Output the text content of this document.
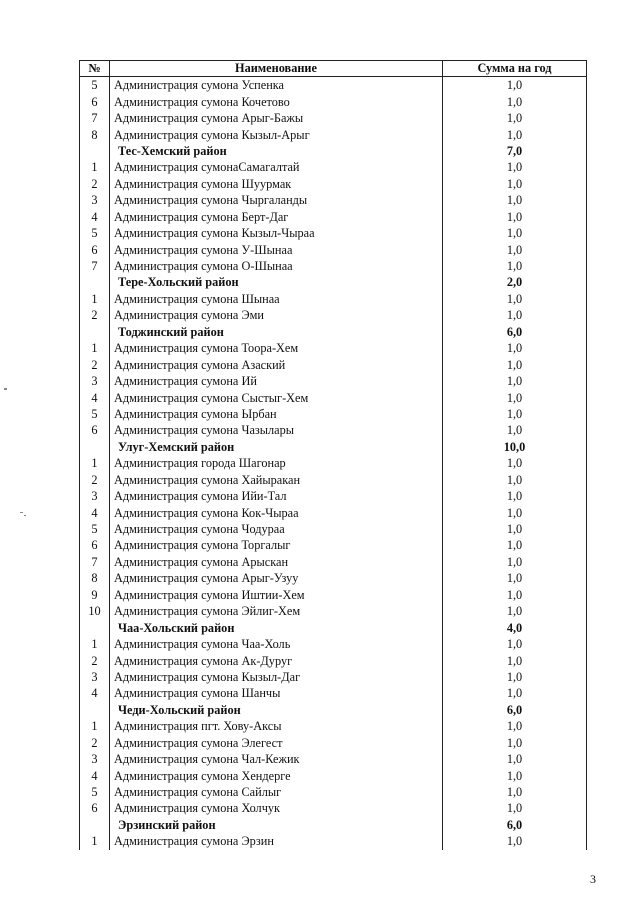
№	Наименование	Сумма на год
5	Администрация сумона Успенка	1,0
6	Администрация сумона Кочетово	1,0
7	Администрация сумона Арыг-Бажы	1,0
8	Администрация сумона Кызыл-Арыг	1,0
	Тес-Хемский район	7,0
1	Администрация сумонаСамагалтай	1,0
2	Администрация сумона Шуурмак	1,0
3	Администрация сумона Чыргаланды	1,0
4	Администрация сумона Берт-Даг	1,0
5	Администрация сумона Кызыл-Чыраа	1,0
6	Администрация сумона У-Шынаа	1,0
7	Администрация сумона О-Шынаа	1,0
	Тере-Хольский район	2,0
1	Администрация сумона Шынаа	1,0
2	Администрация сумона Эми	1,0
	Тоджинский район	6,0
1	Администрация сумона Тоора-Хем	1,0
2	Администрация сумона Азаский	1,0
3	Администрация сумона Ий	1,0
4	Администрация сумона Сыстыг-Хем	1,0
5	Администрация сумона Ырбан	1,0
6	Администрация сумона Чазылары	1,0
	Улуг-Хемский район	10,0
1	Администрация города Шагонар	1,0
2	Администрация сумона Хайыракан	1,0
3	Администрация сумона Ийи-Тал	1,0
4	Администрация сумона Кок-Чыраа	1,0
5	Администрация сумона Чодураа	1,0
6	Администрация сумона Торгалыг	1,0
7	Администрация сумона Арыскан	1,0
8	Администрация сумона Арыг-Узуу	1,0
9	Администрация сумона Иштии-Хем	1,0
10	Администрация сумона Эйлиг-Хем	1,0
	Чаа-Хольский район	4,0
1	Администрация сумона Чаа-Холь	1,0
2	Администрация сумона Ак-Дуруг	1,0
3	Администрация сумона Кызыл-Даг	1,0
4	Администрация сумона Шанчы	1,0
	Чеди-Хольский район	6,0
1	Администрация пгт. Хову-Аксы	1,0
2	Администрация сумона Элегест	1,0
3	Администрация сумона Чал-Кежик	1,0
4	Администрация сумона Хендерге	1,0
5	Администрация сумона Сайлыг	1,0
6	Администрация сумона Холчук	1,0
	Эрзинский район	6,0
1	Администрация сумона Эрзин	1,0
3
